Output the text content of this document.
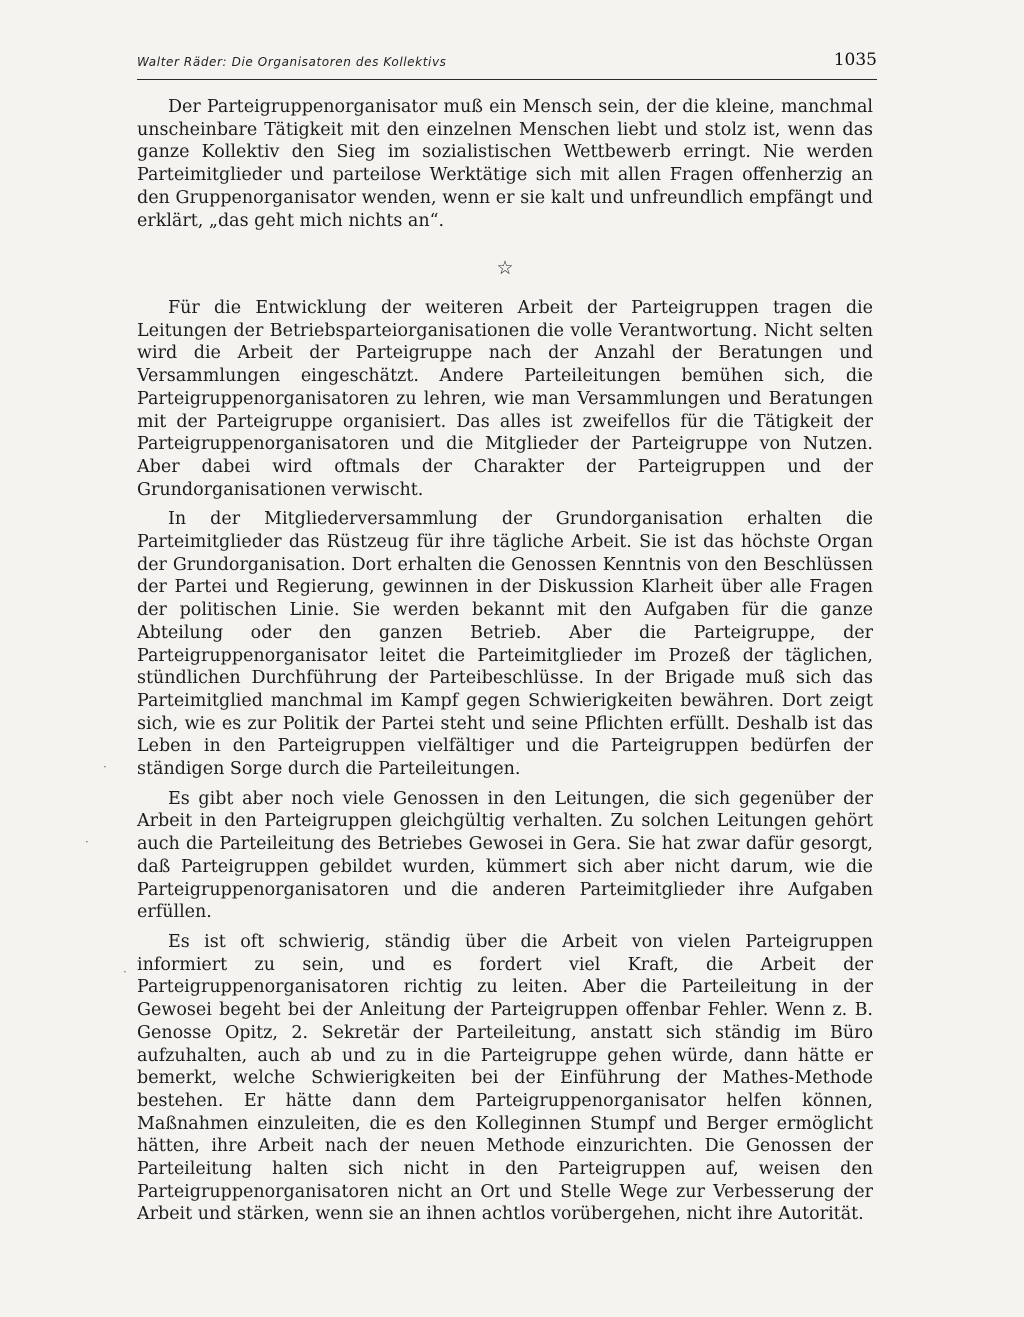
Walter Räder: Die Organisatoren des Kollektivs	1035

Der Parteigruppenorganisator muß ein Mensch sein, der die kleine, manchmal unscheinbare Tätigkeit mit den einzelnen Menschen liebt und stolz ist, wenn das ganze Kollektiv den Sieg im sozialistischen Wettbewerb erringt. Nie werden Parteimitglieder und parteilose Werktätige sich mit allen Fragen offenherzig an den Gruppenorganisator wenden, wenn er sie kalt und unfreundlich empfängt und erklärt, „das geht mich nichts an“.

☆

Für die Entwicklung der weiteren Arbeit der Parteigruppen tragen die Leitungen der Betriebsparteiorganisationen die volle Verantwortung. Nicht selten wird die Arbeit der Parteigruppe nach der Anzahl der Beratungen und Versammlungen eingeschätzt. Andere Parteileitungen bemühen sich, die Parteigruppenorganisatoren zu lehren, wie man Versammlungen und Beratungen mit der Parteigruppe organisiert. Das alles ist zweifellos für die Tätigkeit der Parteigruppenorganisatoren und die Mitglieder der Parteigruppe von Nutzen. Aber dabei wird oftmals der Charakter der Parteigruppen und der Grundorganisationen verwischt.

In der Mitgliederversammlung der Grundorganisation erhalten die Parteimitglieder das Rüstzeug für ihre tägliche Arbeit. Sie ist das höchste Organ der Grundorganisation. Dort erhalten die Genossen Kenntnis von den Beschlüssen der Partei und Regierung, gewinnen in der Diskussion Klarheit über alle Fragen der politischen Linie. Sie werden bekannt mit den Aufgaben für die ganze Abteilung oder den ganzen Betrieb. Aber die Parteigruppe, der Parteigruppenorganisator leitet die Parteimitglieder im Prozeß der täglichen, stündlichen Durchführung der Parteibeschlüsse. In der Brigade muß sich das Parteimitglied manchmal im Kampf gegen Schwierigkeiten bewähren. Dort zeigt sich, wie es zur Politik der Partei steht und seine Pflichten erfüllt. Deshalb ist das Leben in den Parteigruppen vielfältiger und die Parteigruppen bedürfen der ständigen Sorge durch die Parteileitungen.

Es gibt aber noch viele Genossen in den Leitungen, die sich gegenüber der Arbeit in den Parteigruppen gleichgültig verhalten. Zu solchen Leitungen gehört auch die Parteileitung des Betriebes Gewosei in Gera. Sie hat zwar dafür gesorgt, daß Parteigruppen gebildet wurden, kümmert sich aber nicht darum, wie die Parteigruppenorganisatoren und die anderen Parteimitglieder ihre Aufgaben erfüllen.

Es ist oft schwierig, ständig über die Arbeit von vielen Parteigruppen informiert zu sein, und es fordert viel Kraft, die Arbeit der Parteigruppenorganisatoren richtig zu leiten. Aber die Parteileitung in der Gewosei begeht bei der Anleitung der Parteigruppen offenbar Fehler. Wenn z. B. Genosse Opitz, 2. Sekretär der Parteileitung, anstatt sich ständig im Büro aufzuhalten, auch ab und zu in die Parteigruppe gehen würde, dann hätte er bemerkt, welche Schwierigkeiten bei der Einführung der Mathes-Methode bestehen. Er hätte dann dem Parteigruppenorganisator helfen können, Maßnahmen einzuleiten, die es den Kolleginnen Stumpf und Berger ermöglicht hätten, ihre Arbeit nach der neuen Methode einzurichten. Die Genossen der Parteileitung halten sich nicht in den Parteigruppen auf, weisen den Parteigruppenorganisatoren nicht an Ort und Stelle Wege zur Verbesserung der Arbeit und stärken, wenn sie an ihnen achtlos vorübergehen, nicht ihre Autorität.

·
·
·
